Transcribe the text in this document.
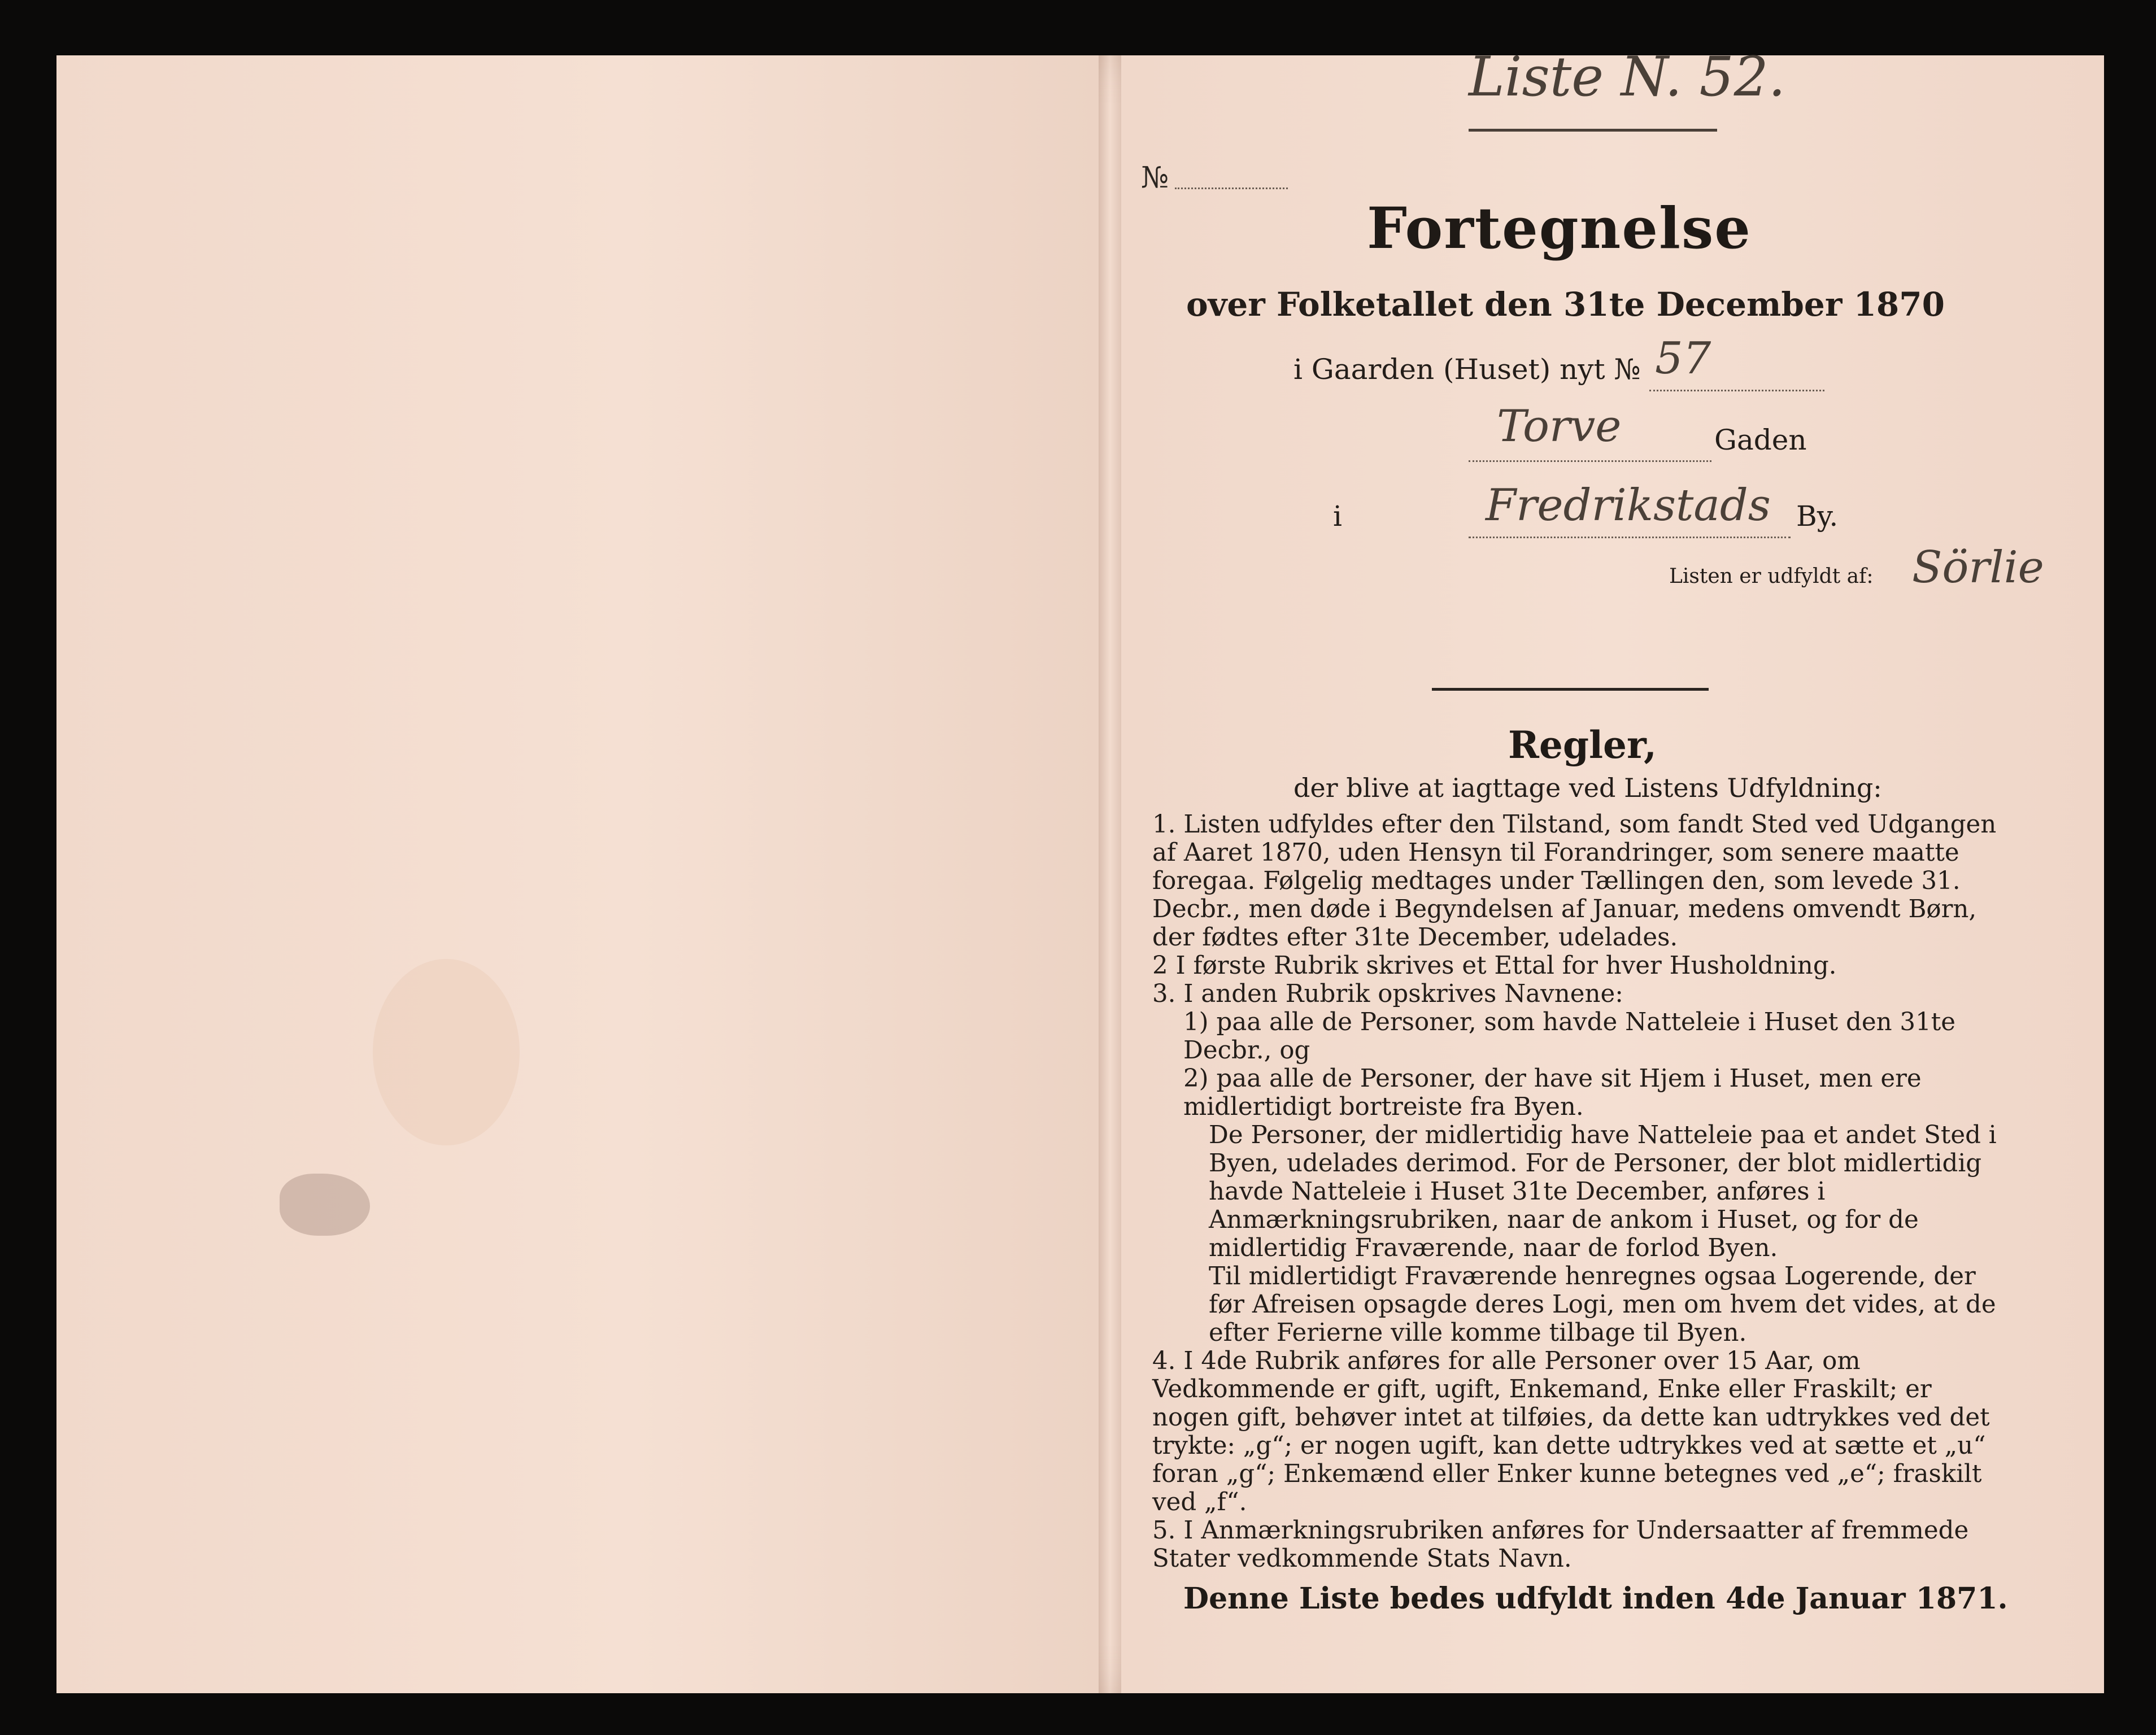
Liste N. 52.
№
Fortegnelse
over Folketallet den 31te December 1870
i Gaarden (Huset) nyt № 57
Torve	Gaden
i	Fredrikstads By.
Listen er udfyldt af: Sörlie
Regler,
der blive at iagttage ved Listens Udfyldning:

1. Listen udfyldes efter den Tilstand, som fandt Sted ved Udgangen af Aaret 1870, uden Hensyn til Forandringer, som senere maatte foregaa. Følgelig medtages under Tællingen den, som levede 31. Decbr., men døde i Begyndelsen af Januar, medens omvendt Børn, der fødtes efter 31te December, udelades.

2 I første Rubrik skrives et Ettal for hver Husholdning.

3. I anden Rubrik opskrives Navnene:

1) paa alle de Personer, som havde Natteleie i Huset den 31te Decbr., og

2) paa alle de Personer, der have sit Hjem i Huset, men ere midlertidigt bortreiste fra Byen.

De Personer, der midlertidig have Natteleie paa et andet Sted i Byen, udelades derimod. For de Personer, der blot midlertidig havde Natteleie i Huset 31te December, anføres i Anmærkningsrubriken, naar de ankom i Huset, og for de midlertidig Fraværende, naar de forlod Byen.

Til midlertidigt Fraværende henregnes ogsaa Logerende, der før Afreisen opsagde deres Logi, men om hvem det vides, at de efter Ferierne ville komme tilbage til Byen.

4. I 4de Rubrik anføres for alle Personer over 15 Aar, om Vedkommende er gift, ugift, Enkemand, Enke eller Fraskilt; er nogen gift, behøver intet at tilføies, da dette kan udtrykkes ved det trykte: „g“; er nogen ugift, kan dette udtrykkes ved at sætte et „u“ foran „g“; Enkemænd eller Enker kunne betegnes ved „e“; fraskilt ved „f“.

5. I Anmærkningsrubriken anføres for Undersaatter af fremmede Stater vedkommende Stats Navn.

Denne Liste bedes udfyldt inden 4de Januar 1871.
